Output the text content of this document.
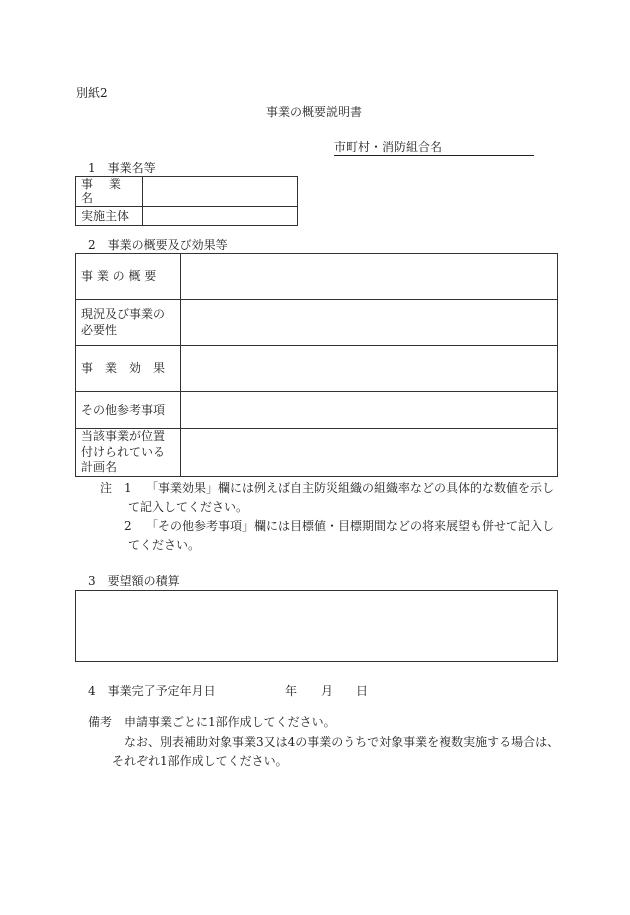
別紙2
事業の概要説明書
市町村・消防組合名
1　事業名等
事 業 名	
実施主体	
2　事業の概要及び効果等
事 業 の 概 要	
現況及び事業の必要性	
事　業　効　果	
その他参考事項	
当該事業が位置付けられている計画名	
注 1 「事業効果」欄には例えば自主防災組織の組織率などの具体的な数値を示し
て記入してください。
2 「その他参考事項」欄には目標値・目標期間などの将来展望も併せて記入し
てください。
3　要望額の積算
4　事業完了予定年月日	年 月 日
備考 申請事業ごとに1部作成してください。
なお、別表補助対象事業3又は4の事業のうちで対象事業を複数実施する場合は、
それぞれ1部作成してください。
